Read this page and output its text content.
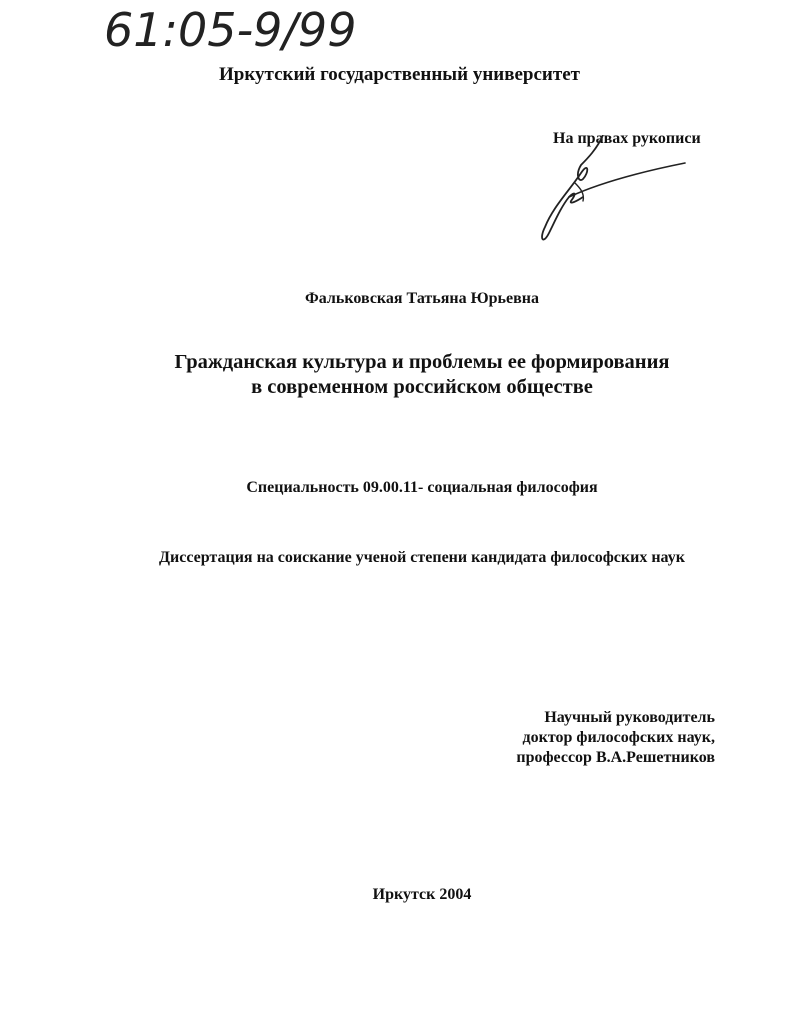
61:05-9/99
Иркутский государственный университет
На правах рукописи
Фальковская Татьяна Юрьевна
Гражданская культура и проблемы ее формирования
в современном российском обществе
Специальность 09.00.11- социальная философия
Диссертация на соискание ученой степени кандидата философских наук
Научный руководитель
доктор философских наук,
профессор В.А.Решетников
Иркутск 2004
